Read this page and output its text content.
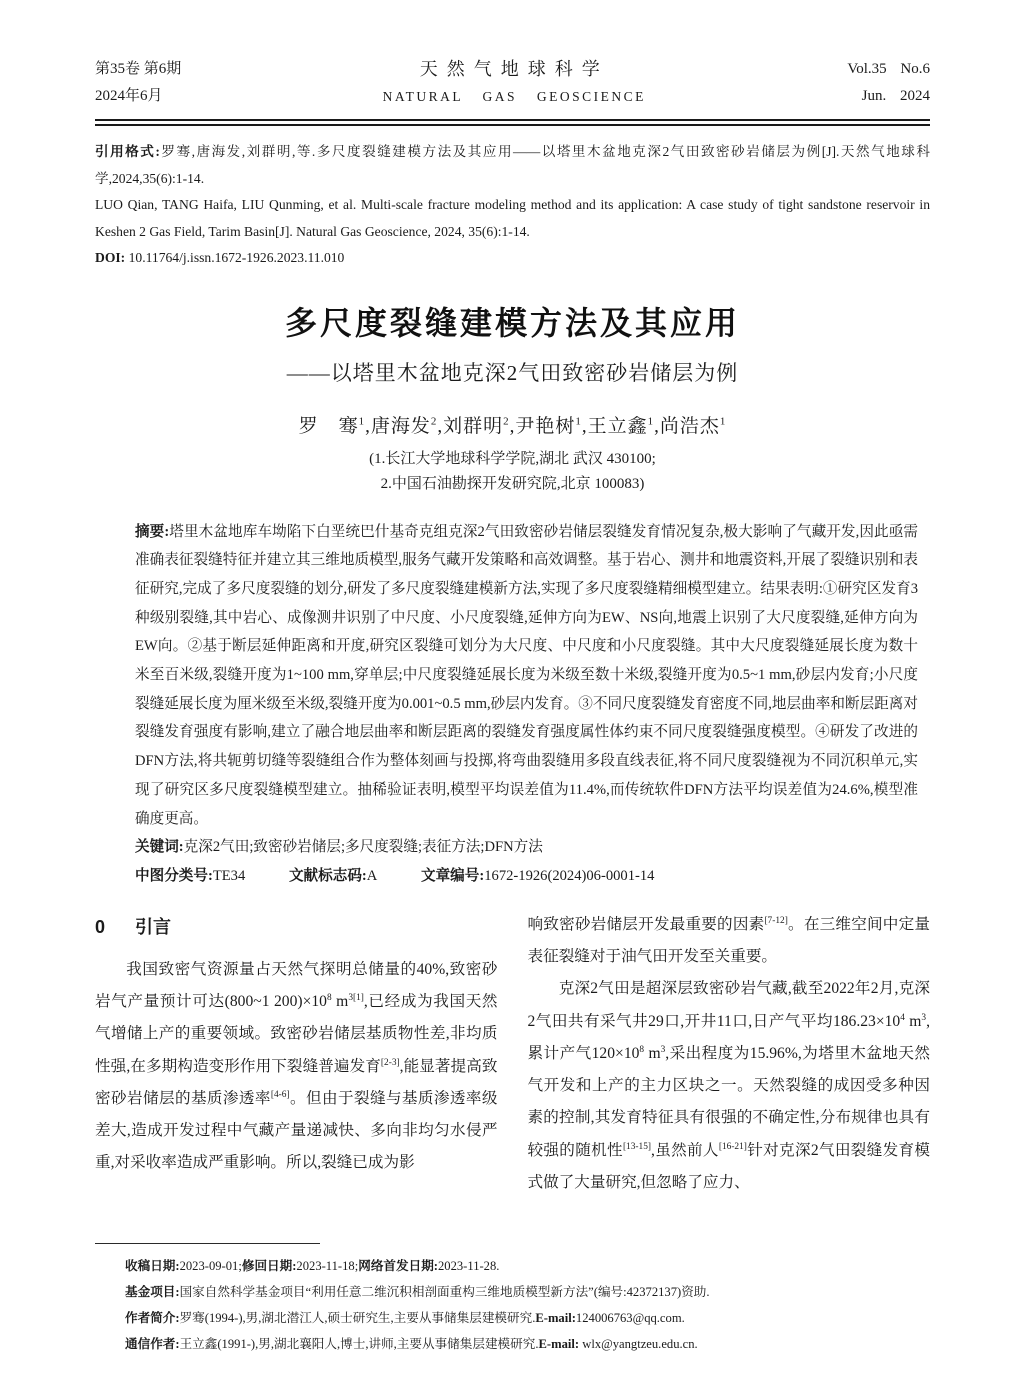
第35卷 第6期
2024年6月
天然气地球科学
NATURAL GAS GEOSCIENCE
Vol.35 No.6
Jun. 2024

引用格式:罗骞,唐海发,刘群明,等.多尺度裂缝建模方法及其应用——以塔里木盆地克深2气田致密砂岩储层为例[J].天然气地球科学,2024,35(6):1-14.

LUO Qian, TANG Haifa, LIU Qunming, et al. Multi-scale fracture modeling method and its application: A case study of tight sandstone reservoir in Keshen 2 Gas Field, Tarim Basin[J]. Natural Gas Geoscience, 2024, 35(6):1-14.

DOI: 10.11764/j.issn.1672-1926.2023.11.010

多尺度裂缝建模方法及其应用
——以塔里木盆地克深2气田致密砂岩储层为例

罗　骞$^1$,唐海发$^2$,刘群明$^2$,尹艳树$^1$,王立鑫$^1$,尚浩杰$^1$

(1.长江大学地球科学学院,湖北 武汉 430100;

2.中国石油勘探开发研究院,北京 100083)

摘要:塔里木盆地库车坳陷下白垩统巴什基奇克组克深2气田致密砂岩储层裂缝发育情况复杂,极大影响了气藏开发,因此亟需准确表征裂缝特征并建立其三维地质模型,服务气藏开发策略和高效调整。基于岩心、测井和地震资料,开展了裂缝识别和表征研究,完成了多尺度裂缝的划分,研发了多尺度裂缝建模新方法,实现了多尺度裂缝精细模型建立。结果表明:①研究区发育3种级别裂缝,其中岩心、成像测井识别了中尺度、小尺度裂缝,延伸方向为EW、NS向,地震上识别了大尺度裂缝,延伸方向为EW向。②基于断层延伸距离和开度,研究区裂缝可划分为大尺度、中尺度和小尺度裂缝。其中大尺度裂缝延展长度为数十米至百米级,裂缝开度为1~100 mm,穿单层;中尺度裂缝延展长度为米级至数十米级,裂缝开度为0.5~1 mm,砂层内发育;小尺度裂缝延展长度为厘米级至米级,裂缝开度为0.001~0.5 mm,砂层内发育。③不同尺度裂缝发育密度不同,地层曲率和断层距离对裂缝发育强度有影响,建立了融合地层曲率和断层距离的裂缝发育强度属性体约束不同尺度裂缝强度模型。④研发了改进的DFN方法,将共轭剪切缝等裂缝组合作为整体刻画与投掷,将弯曲裂缝用多段直线表征,将不同尺度裂缝视为不同沉积单元,实现了研究区多尺度裂缝模型建立。抽稀验证表明,模型平均误差值为11.4%,而传统软件DFN方法平均误差值为24.6%,模型准确度更高。

关键词:克深2气田;致密砂岩储层;多尺度裂缝;表征方法;DFN方法

中图分类号:TE34	文献标志码:A	文章编号:1672-1926(2024)06-0001-14

0 引言

我国致密气资源量占天然气探明总储量的40%,致密砂岩气产量预计可达(800~1 $200)\times 10^8$ $m^{3[1]}$,已经成为我国天然气增储上产的重要领域。致密砂岩储层基质物性差,非均质性强,在多期构造变形作用下裂缝普遍发育[2-3],能显著提高致密砂岩储层的基质渗透率[4-6]。但由于裂缝与基质渗透率级差大,造成开发过程中气藏产量递减快、多向非均匀水侵严重,对采收率造成严重影响。所以,裂缝已成为影

响致密砂岩储层开发最重要的因素[7-12]。在三维空间中定量表征裂缝对于油气田开发至关重要。

克深2气田是超深层致密砂岩气藏,截至2022年2月,克深2气田共有采气井29口,开井11口,日产气平均$186.23\times 10^4$ $m^3$,累计产气$120\times 10^8$ $m^3$,采出程度为15.96%,为塔里木盆地天然气开发和上产的主力区块之一。天然裂缝的成因受多种因素的控制,其发育特征具有很强的不确定性,分布规律也具有较强的随机性[13-15],虽然前人[16-21]针对克深2气田裂缝发育模式做了大量研究,但忽略了应力、

收稿日期:2023-09-01;修回日期:2023-11-18;网络首发日期:2023-11-28.

基金项目:国家自然科学基金项目“利用任意二维沉积相剖面重构三维地质模型新方法”(编号:42372137)资助.

作者简介:罗骞(1994-),男,湖北潜江人,硕士研究生,主要从事储集层建模研究.E-mail:124006763@qq.com.

通信作者:王立鑫(1991-),男,湖北襄阳人,博士,讲师,主要从事储集层建模研究.E-mail: wlx@yangtzeu.edu.cn.
